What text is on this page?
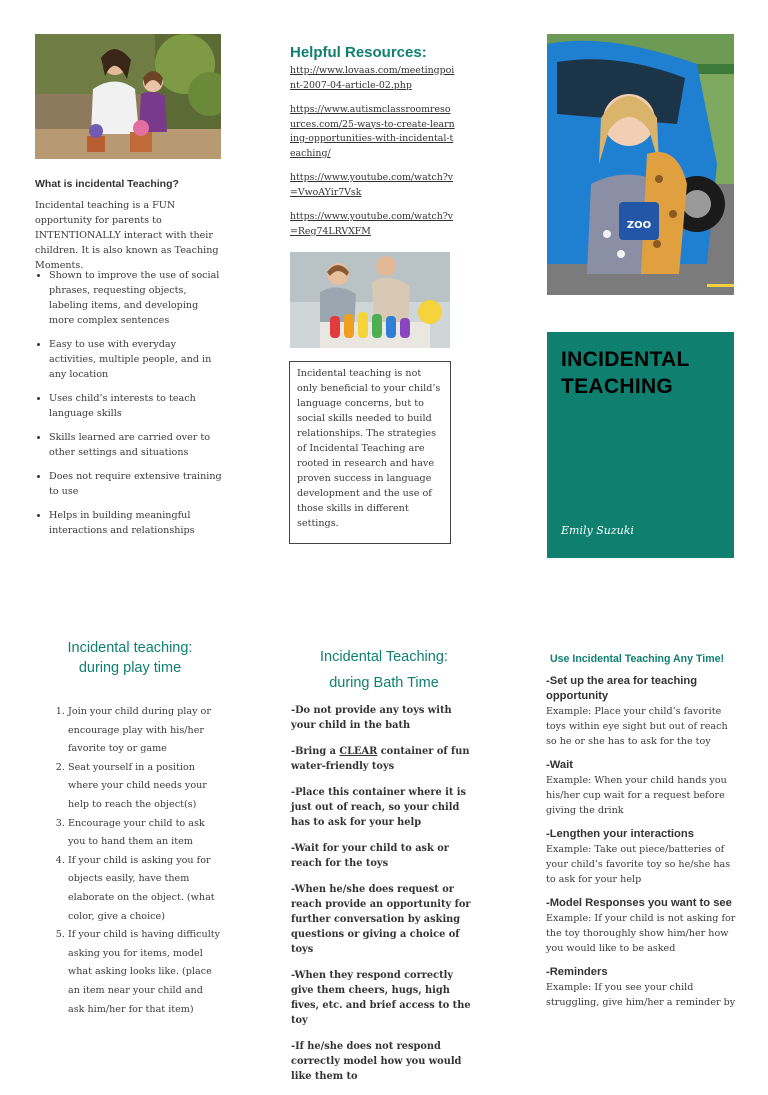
What is incidental Teaching?
Incidental teaching is a FUN opportunity for parents to INTENTIONALLY interact with their children. It is also known as Teaching Moments.
• Shown to improve the use of social phrases, requesting objects, labeling items, and developing more complex sentences
• Easy to use with everyday activities, multiple people, and in any location
• Uses child’s interests to teach language skills
• Skills learned are carried over to other settings and situations
• Does not require extensive training to use
• Helps in building meaningful interactions and relationships
Helpful Resources:
http://www.lovaas.com/meetingpoint-2007-04-article-02.php
https://www.autismclassroomresources.com/25-ways-to-create-learning-opportunities-with-incidental-teaching/
https://www.youtube.com/watch?v=VwoAYir7Vsk
https://www.youtube.com/watch?v=Reg74LRVXFM
Incidental teaching is not only beneficial to your child’s language concerns, but to social skills needed to build relationships. The strategies of Incidental Teaching are rooted in research and have proven success in language development and the use of those skills in different settings.
ZOO
INCIDENTAL
TEACHING
Emily Suzuki
Incidental teaching:
during play time
1. Join your child during play or encourage play with his/her favorite toy or game
2. Seat yourself in a position where your child needs your help to reach the object(s)
3. Encourage your child to ask you to hand them an item
4. If your child is asking you for objects easily, have them elaborate on the object. (what color, give a choice)
5. If your child is having difficulty asking you for items, model what asking looks like. (place an item near your child and ask him/her for that item)
Incidental Teaching:
during Bath Time

-Do not provide any toys with your child in the bath

-Bring a CLEAR container of fun water-friendly toys

-Place this container where it is just out of reach, so your child has to ask for your help

-Wait for your child to ask or reach for the toys

-When he/she does request or reach provide an opportunity for further conversation by asking questions or giving a choice of toys

-When they respond correctly give them cheers, hugs, high fives, etc. and brief access to the toy

-If he/she does not respond correctly model how you would like them to

Use Incidental Teaching Any Time!
-Set up the area for teaching opportunity
Example: Place your child’s favorite toys within eye sight but out of reach so he or she has to ask for the toy
-Wait
Example: When your child hands you his/her cup wait for a request before giving the drink
-Lengthen your interactions
Example: Take out piece/batteries of your child’s favorite toy so he/she has to ask for your help
-Model Responses you want to see
Example: If your child is not asking for the toy thoroughly show him/her how you would like to be asked
-Reminders
Example: If you see your child struggling, give him/her a reminder by
